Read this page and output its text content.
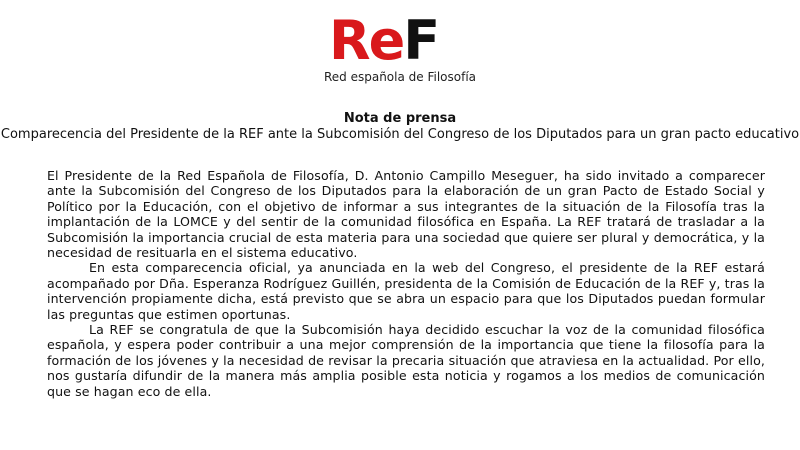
ReF
Red española de Filosofía
Nota de prensa

Comparecencia del Presidente de la REF ante la Subcomisión del Congreso de los Diputados para un gran pacto educativo

El Presidente de la Red Española de Filosofía, D. Antonio Campillo Meseguer, ha sido invitado a comparecer ante la Subcomisión del Congreso de los Diputados para la elaboración de un gran Pacto de Estado Social y Político por la Educación, con el objetivo de informar a sus integrantes de la situación de la Filosofía tras la implantación de la LOMCE y del sentir de la comunidad filosófica en España. La REF tratará de trasladar a la Subcomisión la importancia crucial de esta materia para una sociedad que quiere ser plural y democrática, y la necesidad de resituarla en el sistema educativo.

En esta comparecencia oficial, ya anunciada en la web del Congreso, el presidente de la REF estará acompañado por Dña. Esperanza Rodríguez Guillén, presidenta de la Comisión de Educación de la REF y, tras la intervención propiamente dicha, está previsto que se abra un espacio para que los Diputados puedan formular las preguntas que estimen oportunas.

La REF se congratula de que la Subcomisión haya decidido escuchar la voz de la comunidad filosófica española, y espera poder contribuir a una mejor comprensión de la importancia que tiene la filosofía para la formación de los jóvenes y la necesidad de revisar la precaria situación que atraviesa en la actualidad. Por ello, nos gustaría difundir de la manera más amplia posible esta noticia y rogamos a los medios de comunicación que se hagan eco de ella.
